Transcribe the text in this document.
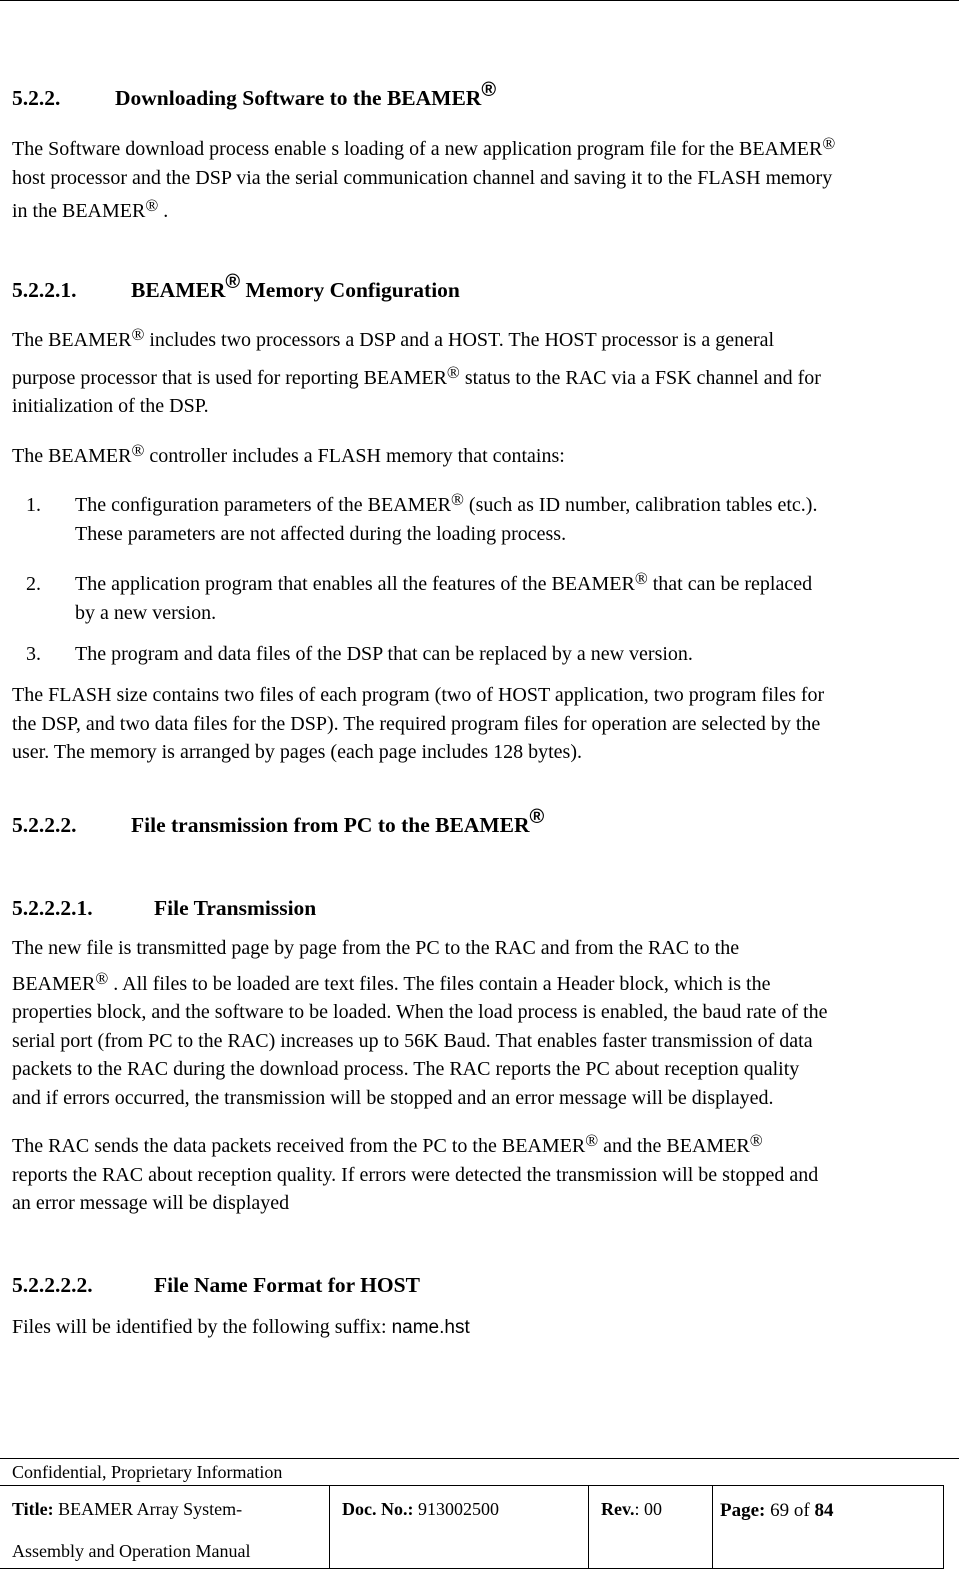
5.2.2.	Downloading Software to the BEAMER®
The Software download process enable s loading of a new application program file for the BEAMER®
host processor and the DSP via the serial communication channel and saving it to the FLASH memory
in the BEAMER® .
5.2.2.1.	BEAMER® Memory Configuration
The BEAMER® includes two processors a DSP and a HOST. The HOST processor is a general
purpose processor that is used for reporting BEAMER® status to the RAC via a FSK channel and for
initialization of the DSP.
The BEAMER® controller includes a FLASH memory that contains:
1. The configuration parameters of the BEAMER® (such as ID number, calibration tables etc.).
These parameters are not affected during the loading process.
2. The application program that enables all the features of the BEAMER® that can be replaced
by a new version.
3. The program and data files of the DSP that can be replaced by a new version.
The FLASH size contains two files of each program (two of HOST application, two program files for
the DSP, and two data files for the DSP). The required program files for operation are selected by the
user. The memory is arranged by pages (each page includes 128 bytes).
5.2.2.2.	File transmission from PC to the BEAMER®
5.2.2.2.1.	File Transmission
The new file is transmitted page by page from the PC to the RAC and from the RAC to the
BEAMER® . All files to be loaded are text files. The files contain a Header block, which is the
properties block, and the software to be loaded. When the load process is enabled, the baud rate of the
serial port (from PC to the RAC) increases up to 56K Baud. That enables faster transmission of data
packets to the RAC during the download process. The RAC reports the PC about reception quality
and if errors occurred, the transmission will be stopped and an error message will be displayed.
The RAC sends the data packets received from the PC to the BEAMER® and the BEAMER®
reports the RAC about reception quality. If errors were detected the transmission will be stopped and
an error message will be displayed
5.2.2.2.2.	File Name Format for HOST
Files will be identified by the following suffix: name.hst
Confidential, Proprietary Information
Title: BEAMER Array System-
Assembly and Operation Manual
Doc. No.: 913002500	Rev.: 00	Page: 69 of 84
